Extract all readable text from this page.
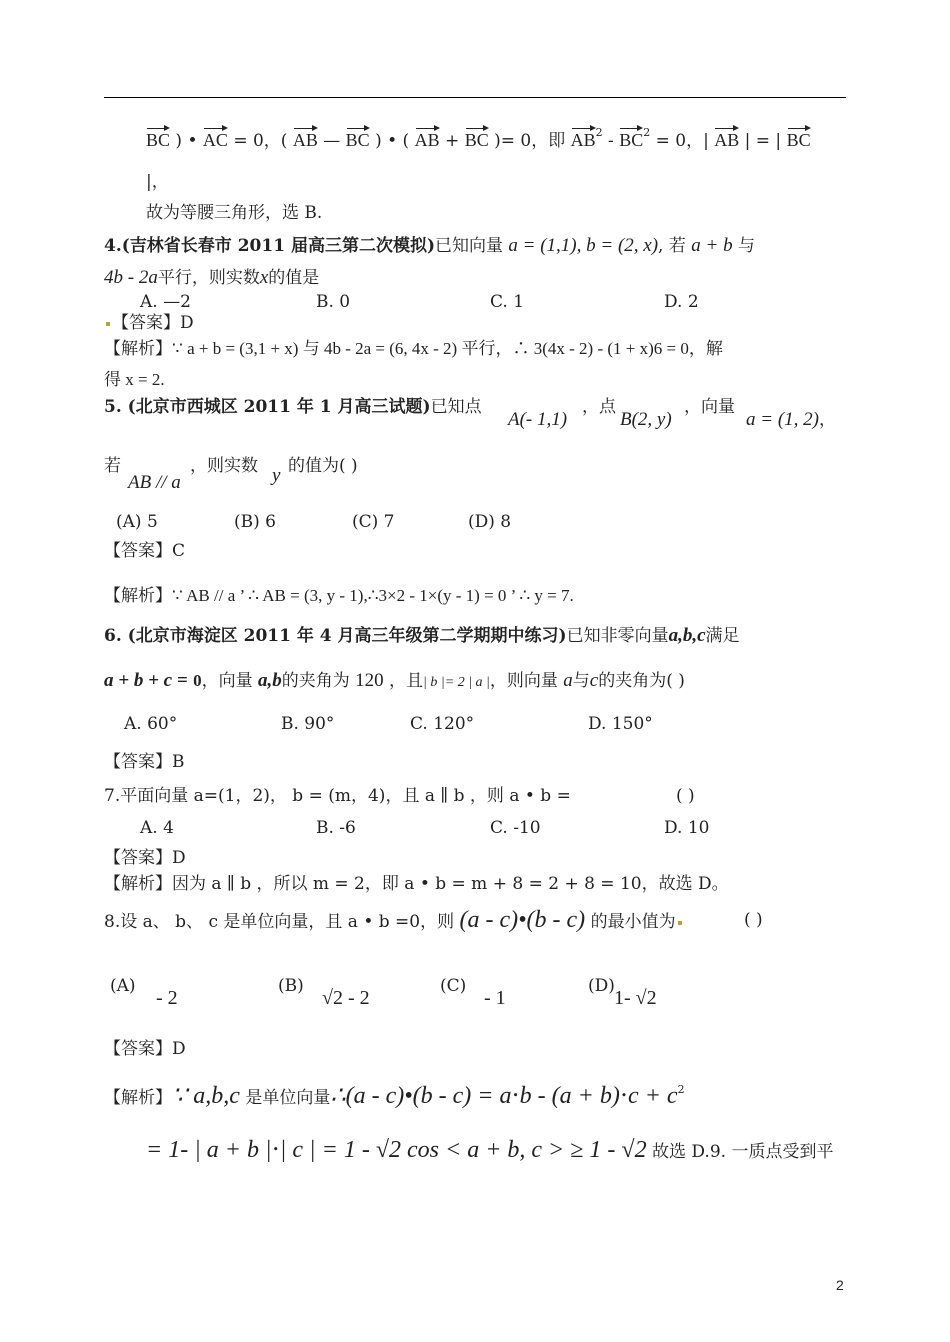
BC ) • AC = 0，( AB — BC ) • ( AB + BC )= 0，即 $AB^2 - BC^2 = 0$，| AB | = | BC
|，
故为等腰三角形，选 B.
4.(吉林省长春市 2011 届高三第二次模拟)已知向量 a = (1,1), b = (2, x), 若 a + b 与
4b - 2a平行，则实数x的值是
A. —2	B. 0	C. 1	D. 2
【答案】D
【解析】∵ a + b = (3,1 + x) 与 4b - 2a = (6, 4x - 2) 平行，∴ 3(4x - 2) - (1 + x)6 = 0，解
得 x = 2.
5. (北京市西城区 2011 年 1 月高三试题)已知点
A(- 1,1)
，点
B(2, y)
，向量
a = (1, 2)，
若
AB // a
，则实数 y 的值为( )
(A) 5	(B) 6	(C) 7	(D) 8
【答案】C
【解析】∵ AB // a ’ ∴ AB = (3, y - 1),∴3×2 - 1×(y - 1) = 0 ’ ∴ y = 7.
6. (北京市海淀区 2011 年 4 月高三年级第二学期期中练习)已知非零向量a,b,c满足
a + b + c = 0，向量 a,b的夹角为 120 ，且| b |= 2 | a |，则向量 a与c的夹角为( )
A. 60°	B. 90°	C. 120°	D. 150°
【答案】B
7.平面向量 a=(1，2)， b = (m，4)，且 a ∥ b ，则 a • b =	( )
A. 4	B. -6	C. -10	D. 10
【答案】D
【解析】因为 a ∥ b ，所以 m = 2，即 a • b = m + 8 = 2 + 8 = 10，故选 D。
8.设 a、 b、 c 是单位向量，且 a • b =0，则 (a - c)•(b - c) 的最小值为	( )
(A)
- 2
(B)
√2 - 2
(C)
- 1
(D)
1- √2
【答案】D
【解析】∵ a,b,c 是单位向量∴(a - c)•(b - $c) = a\cdot b - (a + b)\cdot c + c^2$
= 1- | a + b |⋅| c | = 1 - √2 cos < a + b, c > ≥ 1 - √2 故选 D.9. 一质点受到平
2
